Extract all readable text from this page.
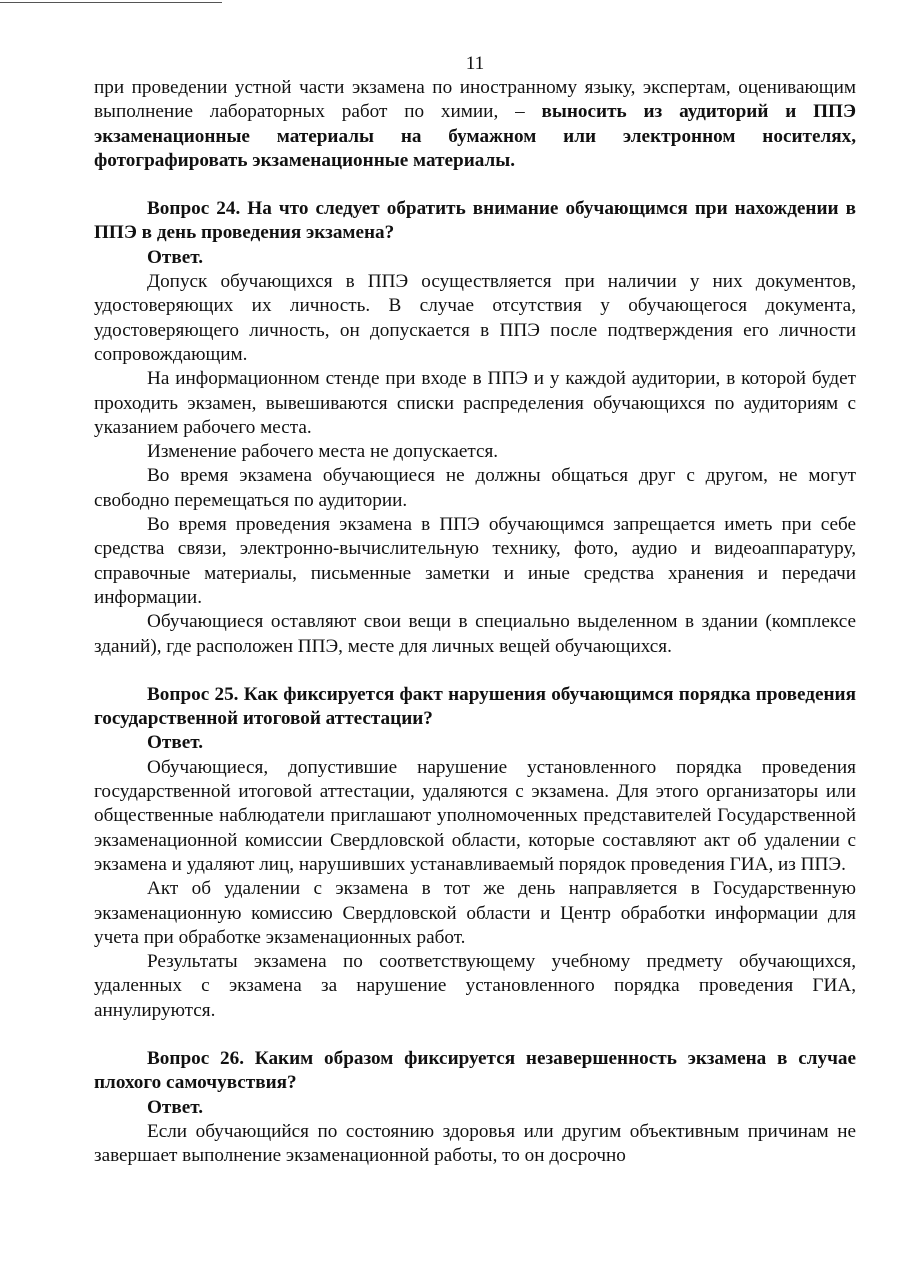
11

при проведении устной части экзамена по иностранному языку, экспертам, оценивающим выполнение лабораторных работ по химии, – выносить из аудиторий и ППЭ экзаменационные материалы на бумажном или электронном носителях, фотографировать экзаменационные материалы.

Вопрос 24. На что следует обратить внимание обучающимся при нахождении в ППЭ в день проведения экзамена?

Ответ.

Допуск обучающихся в ППЭ осуществляется при наличии у них документов, удостоверяющих их личность. В случае отсутствия у обучающегося документа, удостоверяющего личность, он допускается в ППЭ после подтверждения его личности сопровождающим.

На информационном стенде при входе в ППЭ и у каждой аудитории, в которой будет проходить экзамен, вывешиваются списки распределения обучающихся по аудиториям с указанием рабочего места.

Изменение рабочего места не допускается.

Во время экзамена обучающиеся не должны общаться друг с другом, не могут свободно перемещаться по аудитории.

Во время проведения экзамена в ППЭ обучающимся запрещается иметь при себе средства связи, электронно-вычислительную технику, фото, аудио и видеоаппаратуру, справочные материалы, письменные заметки и иные средства хранения и передачи информации.

Обучающиеся оставляют свои вещи в специально выделенном в здании (комплексе зданий), где расположен ППЭ, месте для личных вещей обучающихся.

Вопрос 25. Как фиксируется факт нарушения обучающимся порядка проведения государственной итоговой аттестации?

Ответ.

Обучающиеся, допустившие нарушение установленного порядка проведения государственной итоговой аттестации, удаляются с экзамена. Для этого организаторы или общественные наблюдатели приглашают уполномоченных представителей Государственной экзаменационной комиссии Свердловской области, которые составляют акт об удалении с экзамена и удаляют лиц, нарушивших устанавливаемый порядок проведения ГИА, из ППЭ.

Акт об удалении с экзамена в тот же день направляется в Государственную экзаменационную комиссию Свердловской области и Центр обработки информации для учета при обработке экзаменационных работ.

Результаты экзамена по соответствующему учебному предмету обучающихся, удаленных с экзамена за нарушение установленного порядка проведения ГИА, аннулируются.

Вопрос 26. Каким образом фиксируется незавершенность экзамена в случае плохого самочувствия?

Ответ.

Если обучающийся по состоянию здоровья или другим объективным причинам не завершает выполнение экзаменационной работы, то он досрочно
